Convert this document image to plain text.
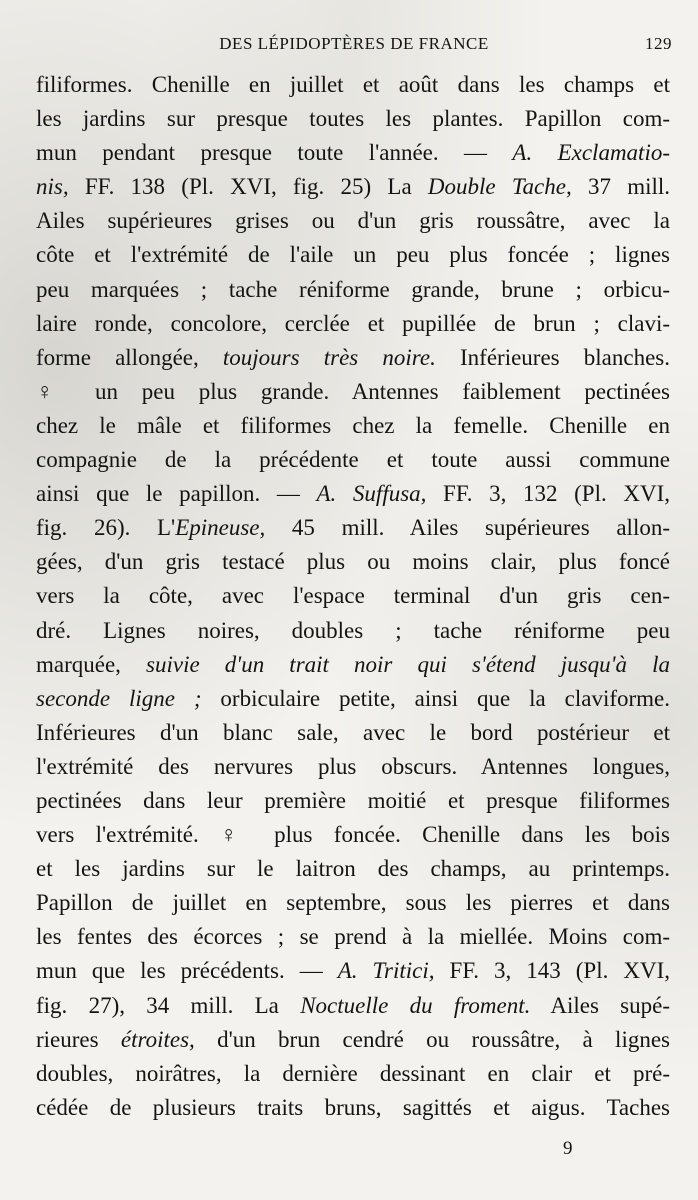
DES LÉPIDOPTÈRES DE FRANCE	129
filiformes. Chenille en juillet et août dans les champs et
les jardins sur presque toutes les plantes. Papillon com-
mun pendant presque toute l'année. — A. Exclamatio-
nis, FF. 138 (Pl. XVI, fig. 25) La Double Tache, 37 mill.
Ailes supérieures grises ou d'un gris roussâtre, avec la
côte et l'extrémité de l'aile un peu plus foncée ; lignes
peu marquées ; tache réniforme grande, brune ; orbicu-
laire ronde, concolore, cerclée et pupillée de brun ; clavi-
forme allongée, toujours très noire. Inférieures blanches.
♀ un peu plus grande. Antennes faiblement pectinées
chez le mâle et filiformes chez la femelle. Chenille en
compagnie de la précédente et toute aussi commune
ainsi que le papillon. — A. Suffusa, FF. 3, 132 (Pl. XVI,
fig. 26). L'Epineuse, 45 mill. Ailes supérieures allon-
gées, d'un gris testacé plus ou moins clair, plus foncé
vers la côte, avec l'espace terminal d'un gris cen-
dré. Lignes noires, doubles ; tache réniforme peu
marquée, suivie d'un trait noir qui s'étend jusqu'à la
seconde ligne ; orbiculaire petite, ainsi que la claviforme.
Inférieures d'un blanc sale, avec le bord postérieur et
l'extrémité des nervures plus obscurs. Antennes longues,
pectinées dans leur première moitié et presque filiformes
vers l'extrémité. ♀ plus foncée. Chenille dans les bois
et les jardins sur le laitron des champs, au printemps.
Papillon de juillet en septembre, sous les pierres et dans
les fentes des écorces ; se prend à la miellée. Moins com-
mun que les précédents. — A. Tritici, FF. 3, 143 (Pl. XVI,
fig. 27), 34 mill. La Noctuelle du froment. Ailes supé-
rieures étroites, d'un brun cendré ou roussâtre, à lignes
doubles, noirâtres, la dernière dessinant en clair et pré-
cédée de plusieurs traits bruns, sagittés et aigus. Taches
9
